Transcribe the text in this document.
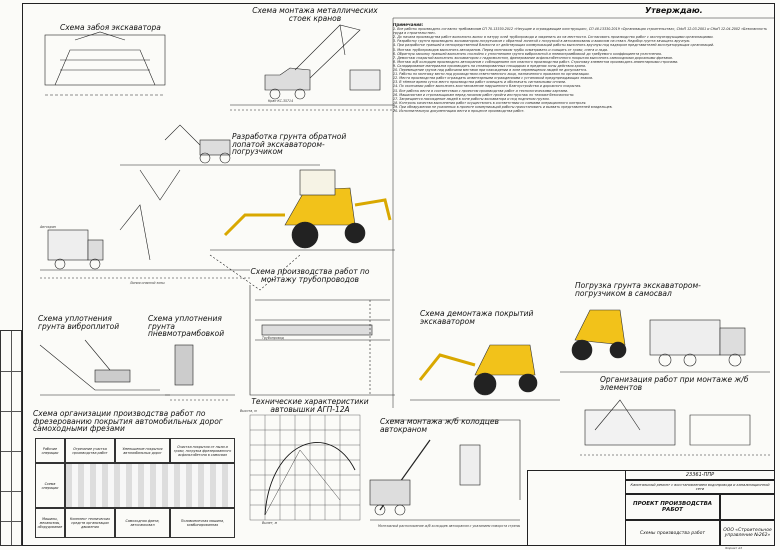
Утверждаю.
Схема забоя экскаватора
Схема монтажа металлических стоек кранов
Разработка грунта обратной лопатой экскаватором-погрузчиком
Схема производства работ по монтажу трубопроводов
Схема уплотнения грунта виброплитой
Схема уплотнения грунта пневмотрамбовкой
Схема демонтажа покрытий экскаватором
Погрузка грунта экскаватором-погрузчиком в самосвал
Организация работ при монтаже ж/б элементов
Схема организации производства работ по фрезерованию покрытия автомобильных дорог самоходными фрезами
Технические характеристики автовышки АГП-12А
Схема монтажа ж/б колодцев автокраном
Вылет, м
Высота, м
Кран КС-35714
Автокран
Трубопровод
Линия опасной зоны
Монтажный располоюение ж/б колодцев автокраном с указанием поворота стрелы

Примечания:

1. Все работы производить согласно требованиям СП 70.13330.2012 «Несущие и ограждающие конструкции», СП 48.13330.2019 «Организация строительства», СНиП 12-03-2001 и СНиП 12-04-2002 «Безопасность труда в строительстве».

2. До начала производства работ выполнить вынос в натуру осей трубопровода и закрепить их на местности. Согласовать производство работ с эксплуатирующими организациями.

3. Разработку грунта производить экскаватором-погрузчиком с обратной лопатой с погрузкой в автосамосвалы и вывозом на отвал. Недобор грунта зачищать вручную.

4. При разработке траншей в непосредственной близости от действующих коммуникаций работы выполнять вручную под надзором представителей эксплуатирующих организаций.

5. Монтаж трубопроводов выполнять автокраном. Перед монтажом трубы осматривать и очищать от грязи, снега и льда.

6. Обратную засыпку траншей выполнять послойно с уплотнением грунта виброплитой и пневмотрамбовкой до требуемого коэффициента уплотнения.

7. Демонтаж покрытий выполнять экскаватором с гидромолотом, фрезерование асфальтобетонного покрытия выполнять самоходными дорожными фрезами.

8. Монтаж ж/б колодцев производить автокраном с соблюдением зон опасного производства работ. Строповку элементов производить инвентарными стропами.

9. Складирование материалов производить на спланированных площадках в пределах зоны действия крана.

10. Перемещение грузов над рабочими местами при нахождении в зоне перемещения людей не допускается.

11. Работы по монтажу вести под руководством ответственного лица, назначенного приказом по организации.

12. Места производства работ ограждать инвентарными ограждениями с установкой предупреждающих знаков.

13. В тёмное время суток место производства работ освещать и обозначать сигнальными огнями.

14. По окончании работ выполнить восстановление нарушенного благоустройства и дорожного покрытия.

15. Все работы вести в соответствии с проектом производства работ и технологическими картами.

16. Машинистам и стропальщикам перед началом работ пройти инструктаж по технике безопасности.

17. Запрещается нахождение людей в зоне работы экскаватора и под поднятым грузом.

18. Контроль качества выполнения работ осуществлять в соответствии со схемами операционного контроля.

19. При обнаружении не указанных в проекте коммуникаций работы приостановить и вызвать представителей владельцев.

20. Исполнительную документацию вести в процессе производства работ.

Рабочие операции
Отрезание участка производства работ
Уменьшение покрытия автомобильных дорог
Очистка покрытия от пыли и грязи, погрузка фрезерованного асфальтобетона в самосвал
Схема операции
Машины, механизмы, оборудование
Комплект технических средств организации движения
Самоходная фреза, автосамосвал
Поливомоечная машина, комбинированная
23361-ППР
Капитальный ремонт с восстановлением водопровода и канализационной сети
ПРОЕКТ ПРОИЗВОДСТВА РАБОТ
Схемы производства работ	ООО «Строительное управление №262»
Формат А3
